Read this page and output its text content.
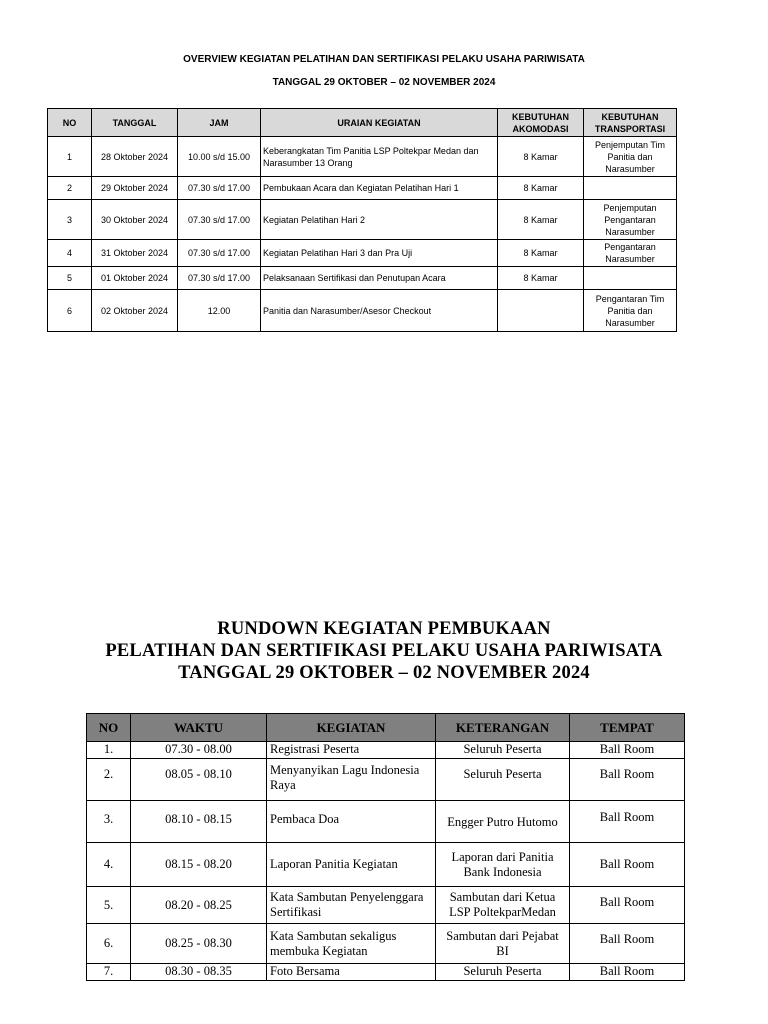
OVERVIEW KEGIATAN PELATIHAN DAN SERTIFIKASI PELAKU USAHA PARIWISATA
TANGGAL 29 OKTOBER – 02 NOVEMBER 2024
NO	TANGGAL	JAM	URAIAN KEGIATAN	KEBUTUHAN AKOMODASI	KEBUTUHAN TRANSPORTASI
1	28 Oktober 2024	10.00 s/d 15.00	Keberangkatan Tim Panitia LSP Poltekpar Medan dan Narasumber 13 Orang	8 Kamar	Penjemputan Tim Panitia dan Narasumber
2	29 Oktober 2024	07.30 s/d 17.00	Pembukaan Acara dan Kegiatan Pelatihan Hari 1	8 Kamar	
3	30 Oktober 2024	07.30 s/d 17.00	Kegiatan Pelatihan Hari 2	8 Kamar	Penjemputan Pengantaran Narasumber
4	31 Oktober 2024	07.30 s/d 17.00	Kegiatan Pelatihan Hari 3 dan Pra Uji	8 Kamar	Pengantaran Narasumber
5	01 Oktober 2024	07.30 s/d 17.00	Pelaksanaan Sertifikasi dan Penutupan Acara	8 Kamar	
6	02 Oktober 2024	12.00	Panitia dan Narasumber/Asesor Checkout		Pengantaran Tim Panitia dan Narasumber
RUNDOWN KEGIATAN PEMBUKAAN
PELATIHAN DAN SERTIFIKASI PELAKU USAHA PARIWISATA
TANGGAL 29 OKTOBER – 02 NOVEMBER 2024
NO	WAKTU	KEGIATAN	KETERANGAN	TEMPAT
1.	07.30 - 08.00	Registrasi Peserta	Seluruh Peserta	Ball Room
2.	08.05 - 08.10	Menyanyikan Lagu Indonesia Raya	Seluruh Peserta	Ball Room
3.	08.10 - 08.15	Pembaca Doa	Engger Putro Hutomo	Ball Room
4.	08.15 - 08.20	Laporan Panitia Kegiatan	Laporan dari Panitia Bank Indonesia	Ball Room
5.	08.20 - 08.25	Kata Sambutan Penyelenggara Sertifikasi	Sambutan dari Ketua LSP PoltekparMedan	Ball Room
6.	08.25 - 08.30	Kata Sambutan sekaligus membuka Kegiatan	Sambutan dari Pejabat BI	Ball Room
7.	08.30 - 08.35	Foto Bersama	Seluruh Peserta	Ball Room
